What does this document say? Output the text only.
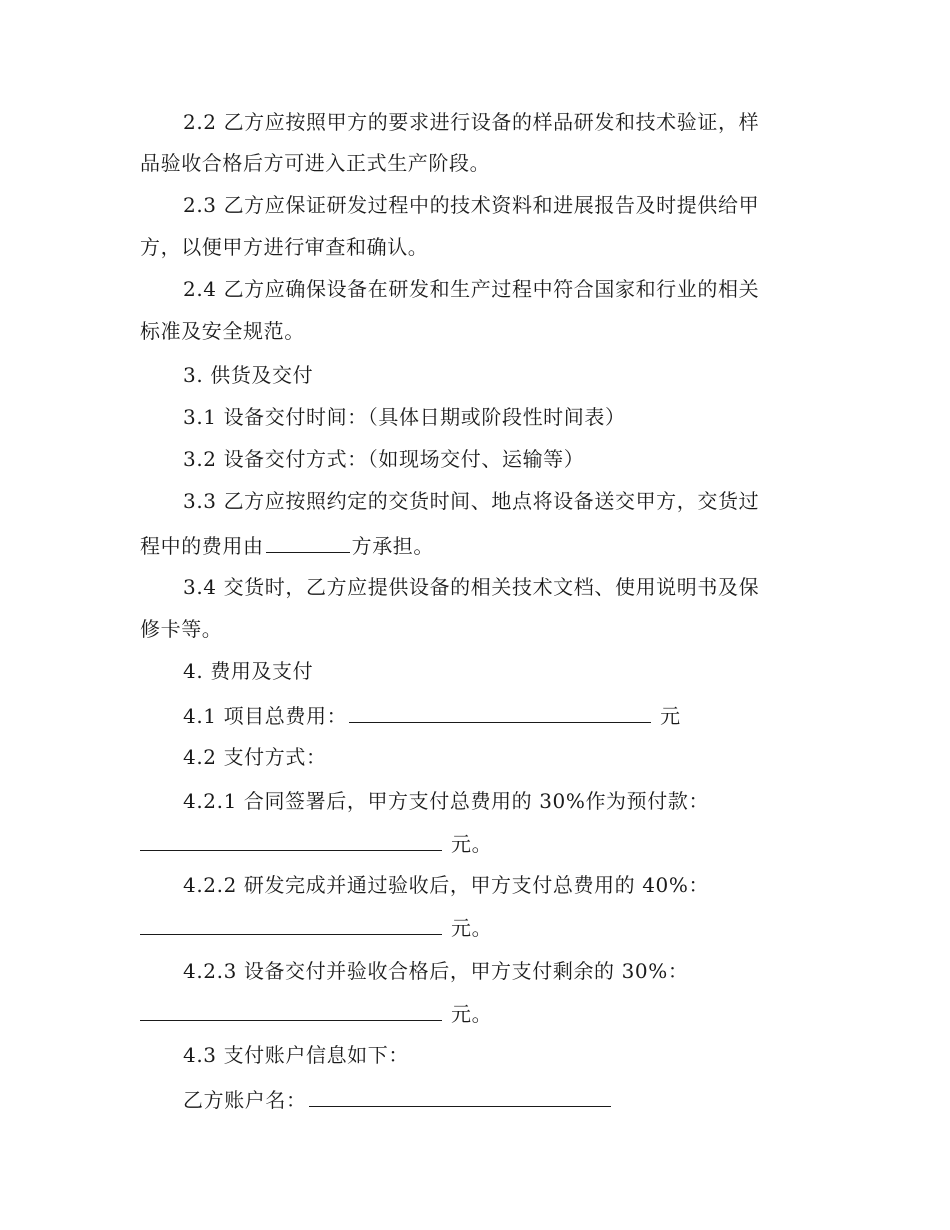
2.2 乙方应按照甲方的要求进行设备的样品研发和技术验证，样
品验收合格后方可进入正式生产阶段。
2.3 乙方应保证研发过程中的技术资料和进展报告及时提供给甲
方，以便甲方进行审查和确认。
2.4 乙方应确保设备在研发和生产过程中符合国家和行业的相关
标准及安全规范。
3. 供货及交付
3.1 设备交付时间：（具体日期或阶段性时间表）
3.2 设备交付方式：（如现场交付、运输等）
3.3 乙方应按照约定的交货时间、地点将设备送交甲方，交货过
程中的费用由	方承担。
3.4 交货时，乙方应提供设备的相关技术文档、使用说明书及保
修卡等。
4. 费用及支付
4.1 项目总费用：	元
4.2 支付方式：
4.2.1 合同签署后，甲方支付总费用的 30%作为预付款：
元。
4.2.2 研发完成并通过验收后，甲方支付总费用的 40%：
元。
4.2.3 设备交付并验收合格后，甲方支付剩余的 30%：
元。
4.3 支付账户信息如下：
乙方账户名：
